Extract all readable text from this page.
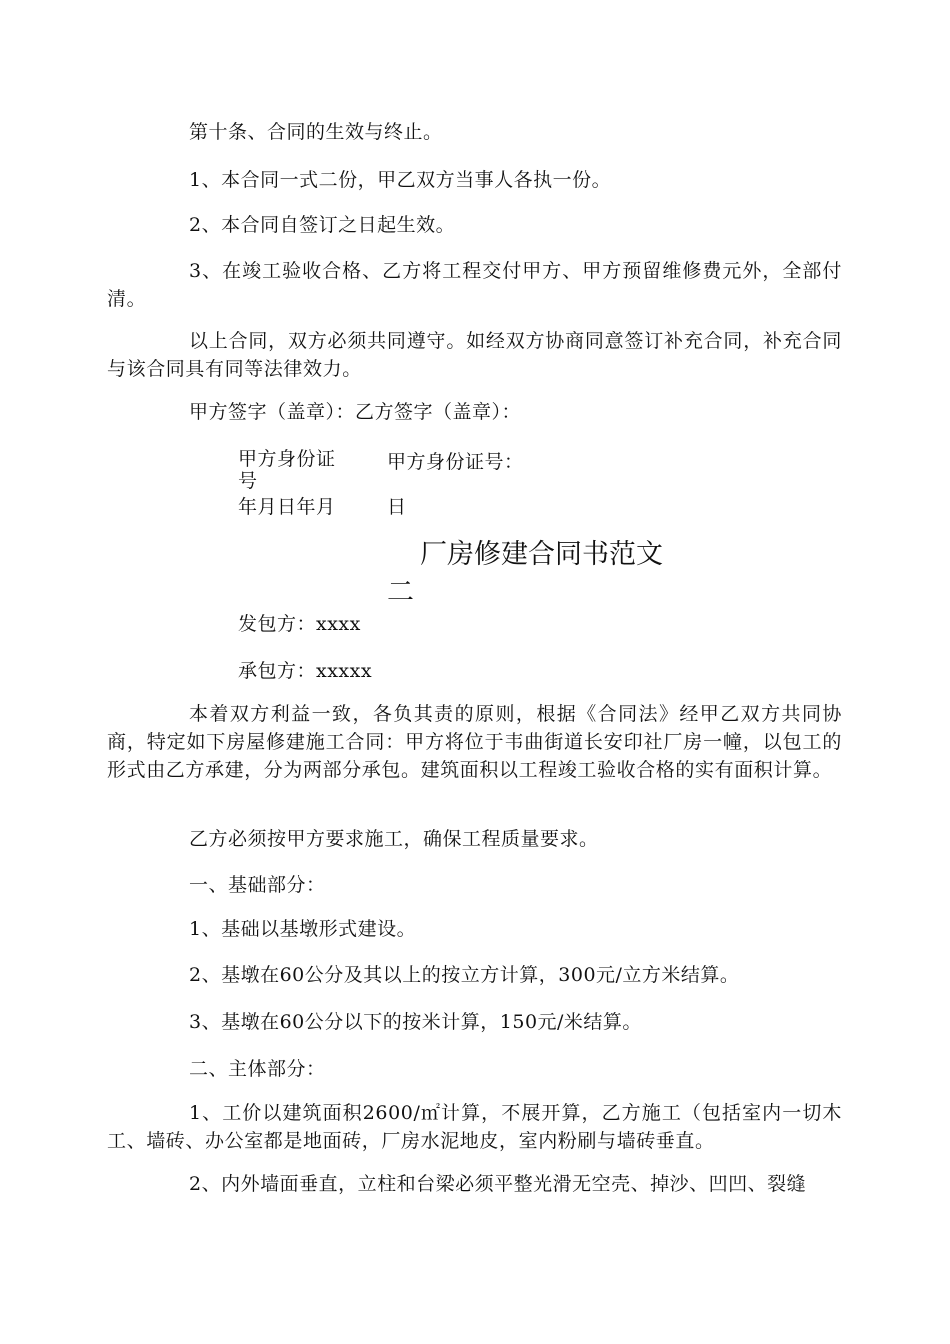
第十条、合同的生效与终止。
1、本合同一式二份，甲乙双方当事人各执一份。
2、本合同自签订之日起生效。
3、在竣工验收合格、乙方将工程交付甲方、甲方预留维修费元外，全部付清。
以上合同，双方必须共同遵守。如经双方协商同意签订补充合同，补充合同与该合同具有同等法律效力。
甲方签字（盖章）：乙方签字（盖章）：
甲方身份证号
甲方身份证号：
年月日年月	日
厂房修建合同书范文
二
发包方：xxxx
承包方：xxxxx
本着双方利益一致，各负其责的原则，根据《合同法》经甲乙双方共同协商，特定如下房屋修建施工合同：甲方将位于韦曲街道长安印社厂房一幢，以包工的形式由乙方承建，分为两部分承包。建筑面积以工程竣工验收合格的实有面积计算。
乙方必须按甲方要求施工，确保工程质量要求。
一、基础部分：
1、基础以基墩形式建设。
2、基墩在60公分及其以上的按立方计算，300元/立方米结算。
3、基墩在60公分以下的按米计算，150元/米结算。
二、主体部分：
1、工价以建筑面积2600/㎡计算，不展开算，乙方施工（包括室内一切木工、墙砖、办公室都是地面砖，厂房水泥地皮，室内粉刷与墙砖垂直。
2、内外墙面垂直，立柱和台梁必须平整光滑无空壳、掉沙、凹凹、裂缝
